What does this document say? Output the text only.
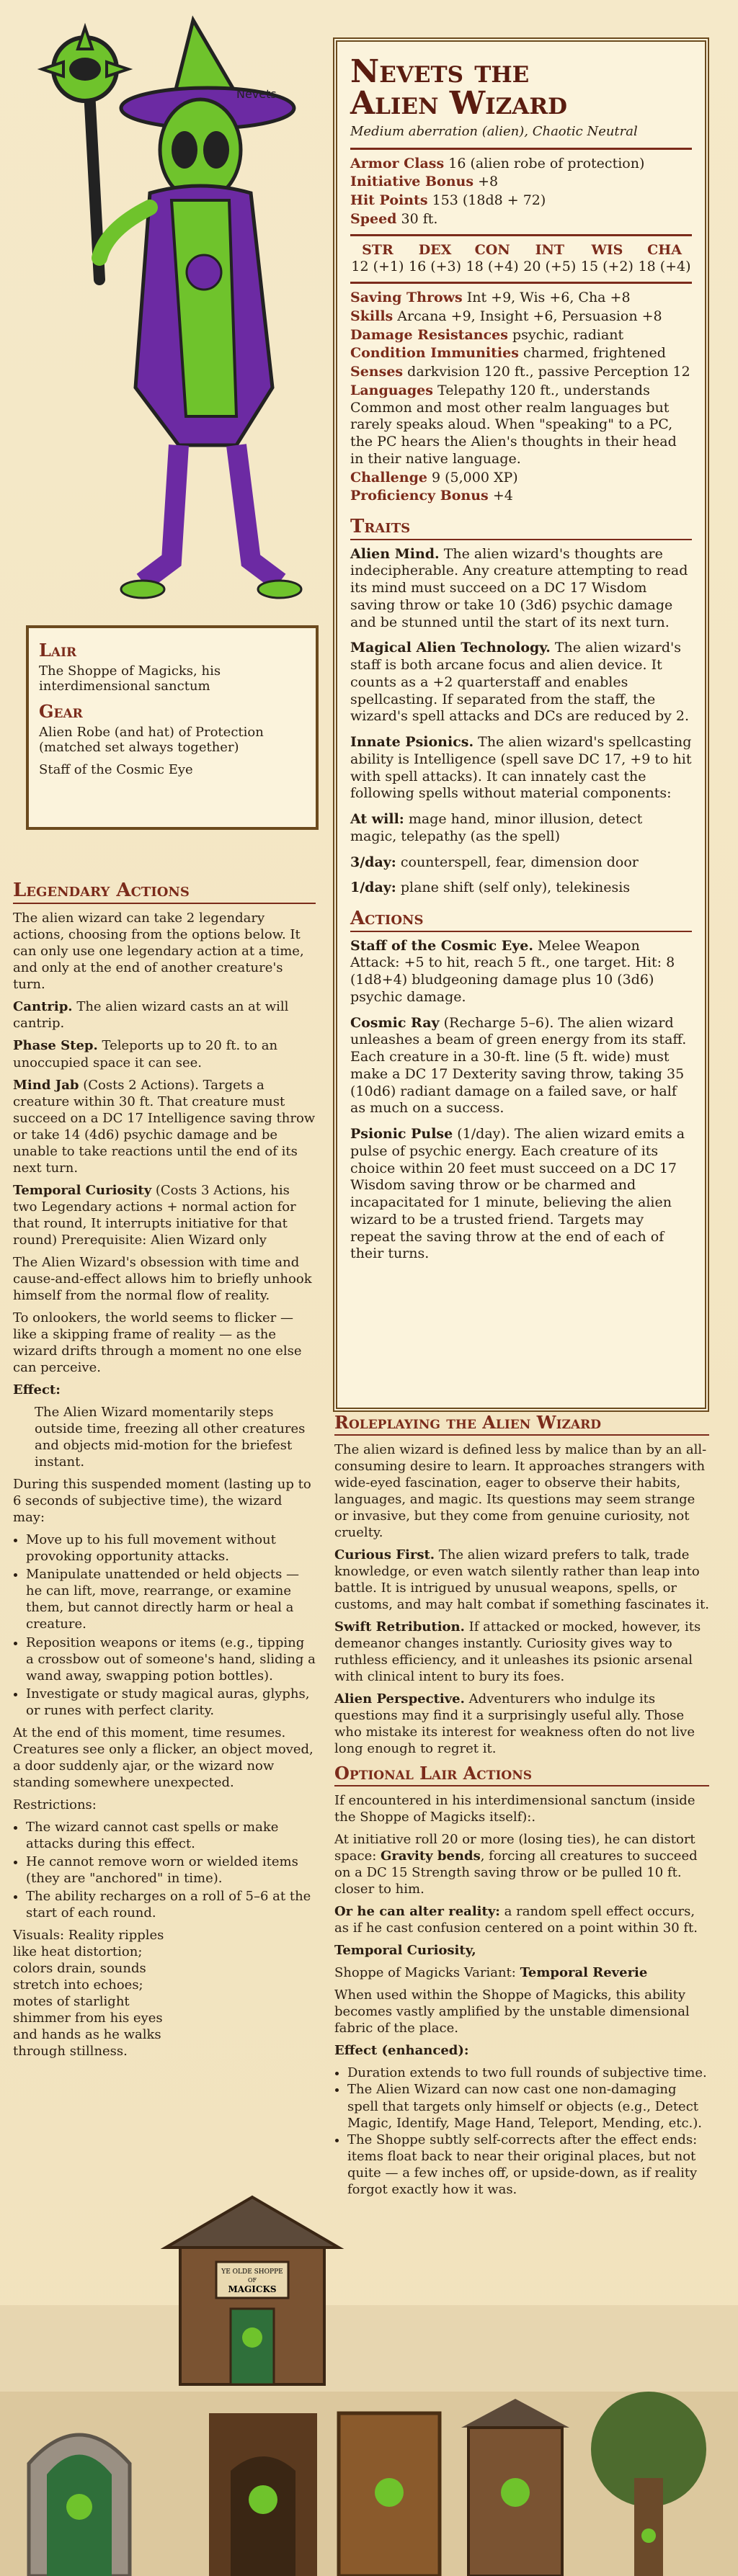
Nevets
Lair

The Shoppe of Magicks, his interdimensional sanctum

Gear

Alien Robe (and hat) of Protection (matched set always together)

Staff of the Cosmic Eye

Nevets the
Alien Wizard
Medium aberration (alien), Chaotic Neutral
Armor Class 16 (alien robe of protection)
Initiative Bonus +8
Hit Points 153 (18d8 + 72)
Speed 30 ft.
STR
12 (+1)
DEX
16 (+3)
CON
18 (+4)
INT
20 (+5)
WIS
15 (+2)
CHA
18 (+4)
Saving Throws Int +9, Wis +6, Cha +8
Skills Arcana +9, Insight +6, Persuasion +8
Damage Resistances psychic, radiant
Condition Immunities charmed, frightened
Senses darkvision 120 ft., passive Perception 12
Languages Telepathy 120 ft., understands Common and most other realm languages but rarely speaks aloud. When "speaking" to a PC, the PC hears the Alien's thoughts in their head in their native language.
Challenge 9 (5,000 XP)
Proficiency Bonus +4
Traits
Alien Mind. The alien wizard's thoughts are indecipherable. Any creature attempting to read its mind must succeed on a DC 17 Wisdom saving throw or take 10 (3d6) psychic damage and be stunned until the start of its next turn.
Magical Alien Technology. The alien wizard's staff is both arcane focus and alien device. It counts as a +2 quarterstaff and enables spellcasting. If separated from the staff, the wizard's spell attacks and DCs are reduced by 2.
Innate Psionics. The alien wizard's spellcasting ability is Intelligence (spell save DC 17, +9 to hit with spell attacks). It can innately cast the following spells without material components:
At will: mage hand, minor illusion, detect magic, telepathy (as the spell)
3/day: counterspell, fear, dimension door
1/day: plane shift (self only), telekinesis
Actions
Staff of the Cosmic Eye. Melee Weapon Attack: +5 to hit, reach 5 ft., one target. Hit: 8 (1d8+4) bludgeoning damage plus 10 (3d6) psychic damage.
Cosmic Ray (Recharge 5–6). The alien wizard unleashes a beam of green energy from its staff. Each creature in a 30-ft. line (5 ft. wide) must make a DC 17 Dexterity saving throw, taking 35 (10d6) radiant damage on a failed save, or half as much on a success.
Psionic Pulse (1/day). The alien wizard emits a pulse of psychic energy. Each creature of its choice within 20 feet must succeed on a DC 17 Wisdom saving throw or be charmed and incapacitated for 1 minute, believing the alien wizard to be a trusted friend. Targets may repeat the saving throw at the end of each of their turns.
Legendary Actions

The alien wizard can take 2 legendary actions, choosing from the options below. It can only use one legendary action at a time, and only at the end of another creature's turn.

Cantrip. The alien wizard casts an at will cantrip.

Phase Step. Teleports up to 20 ft. to an unoccupied space it can see.

Mind Jab (Costs 2 Actions). Targets a creature within 30 ft. That creature must succeed on a DC 17 Intelligence saving throw or take 14 (4d6) psychic damage and be unable to take reactions until the end of its next turn.

Temporal Curiosity (Costs 3 Actions, his two Legendary actions + normal action for that round, It interrupts initiative for that round) Prerequisite: Alien Wizard only

The Alien Wizard's obsession with time and cause-and-effect allows him to briefly unhook himself from the normal flow of reality.

To onlookers, the world seems to flicker — like a skipping frame of reality — as the wizard drifts through a moment no one else can perceive.

Effect:

The Alien Wizard momentarily steps outside time, freezing all other creatures and objects mid-motion for the briefest instant.

During this suspended moment (lasting up to 6 seconds of subjective time), the wizard may:

• Move up to his full movement without provoking opportunity attacks.
• Manipulate unattended or held objects — he can lift, move, rearrange, or examine them, but cannot directly harm or heal a creature.
• Reposition weapons or items (e.g., tipping a crossbow out of someone's hand, sliding a wand away, swapping potion bottles).
• Investigate or study magical auras, glyphs, or runes with perfect clarity.

At the end of this moment, time resumes. Creatures see only a flicker, an object moved, a door suddenly ajar, or the wizard now standing somewhere unexpected.

Restrictions:

• The wizard cannot cast spells or make attacks during this effect.
• He cannot remove worn or wielded items (they are "anchored" in time).
• The ability recharges on a roll of 5–6 at the start of each round.

Visuals: Reality ripples like heat distortion; colors drain, sounds stretch into echoes; motes of starlight shimmer from his eyes and hands as he walks through stillness.

Roleplaying the Alien Wizard

The alien wizard is defined less by malice than by an all-consuming desire to learn. It approaches strangers with wide-eyed fascination, eager to observe their habits, languages, and magic. Its questions may seem strange or invasive, but they come from genuine curiosity, not cruelty.

Curious First. The alien wizard prefers to talk, trade knowledge, or even watch silently rather than leap into battle. It is intrigued by unusual weapons, spells, or customs, and may halt combat if something fascinates it.

Swift Retribution. If attacked or mocked, however, its demeanor changes instantly. Curiosity gives way to ruthless efficiency, and it unleashes its psionic arsenal with clinical intent to bury its foes.

Alien Perspective. Adventurers who indulge its questions may find it a surprisingly useful ally. Those who mistake its interest for weakness often do not live long enough to regret it.

Optional Lair Actions

If encountered in his interdimensional sanctum (inside the Shoppe of Magicks itself):.

At initiative roll 20 or more (losing ties), he can distort space: Gravity bends, forcing all creatures to succeed on a DC 15 Strength saving throw or be pulled 10 ft. closer to him.

Or he can alter reality: a random spell effect occurs, as if he cast confusion centered on a point within 30 ft.

Temporal Curiosity,

Shoppe of Magicks Variant: Temporal Reverie

When used within the Shoppe of Magicks, this ability becomes vastly amplified by the unstable dimensional fabric of the place.

Effect (enhanced):

• Duration extends to two full rounds of subjective time.
• The Alien Wizard can now cast one non-damaging spell that targets only himself or objects (e.g., Detect Magic, Identify, Mage Hand, Teleport, Mending, etc.).
• The Shoppe subtly self-corrects after the effect ends: items float back to near their original places, but not quite — a few inches off, or upside-down, as if reality forgot exactly how it was.
YE OLDE SHOPPE
OF
MAGICKS
